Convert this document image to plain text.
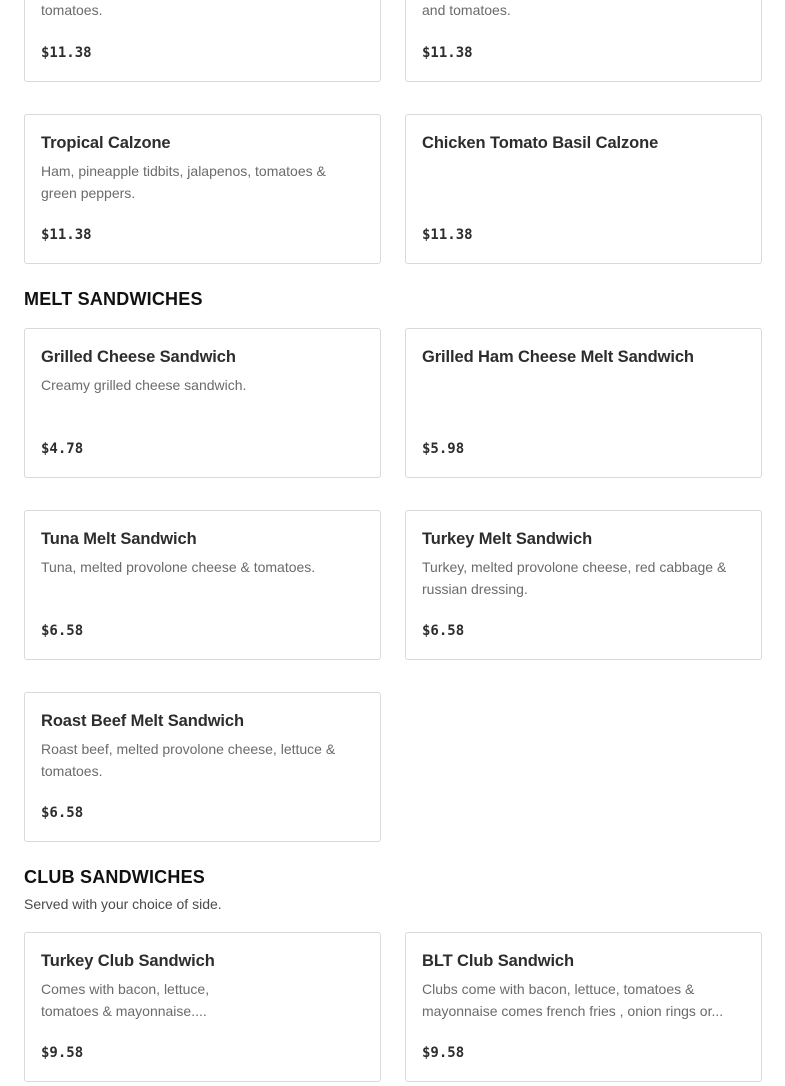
tomatoes.
$11.38
and tomatoes.
$11.38
Tropical Calzone
Ham, pineapple tidbits, jalapenos, tomatoes & green peppers.
$11.38
Chicken Tomato Basil Calzone
$11.38
MELT SANDWICHES
Grilled Cheese Sandwich
Creamy grilled cheese sandwich.
$4.78
Grilled Ham Cheese Melt Sandwich
$5.98
Tuna Melt Sandwich
Tuna, melted provolone cheese & tomatoes.
$6.58
Turkey Melt Sandwich
Turkey, melted provolone cheese, red cabbage & russian dressing.
$6.58
Roast Beef Melt Sandwich
Roast beef, melted provolone cheese, lettuce & tomatoes.
$6.58
CLUB SANDWICHES
Served with your choice of side.
Turkey Club Sandwich
Comes with bacon, lettuce, tomatoes & mayonnaise....
$9.58
BLT Club Sandwich
Clubs come with bacon, lettuce, tomatoes & mayonnaise comes french fries , onion rings or...
$9.58
